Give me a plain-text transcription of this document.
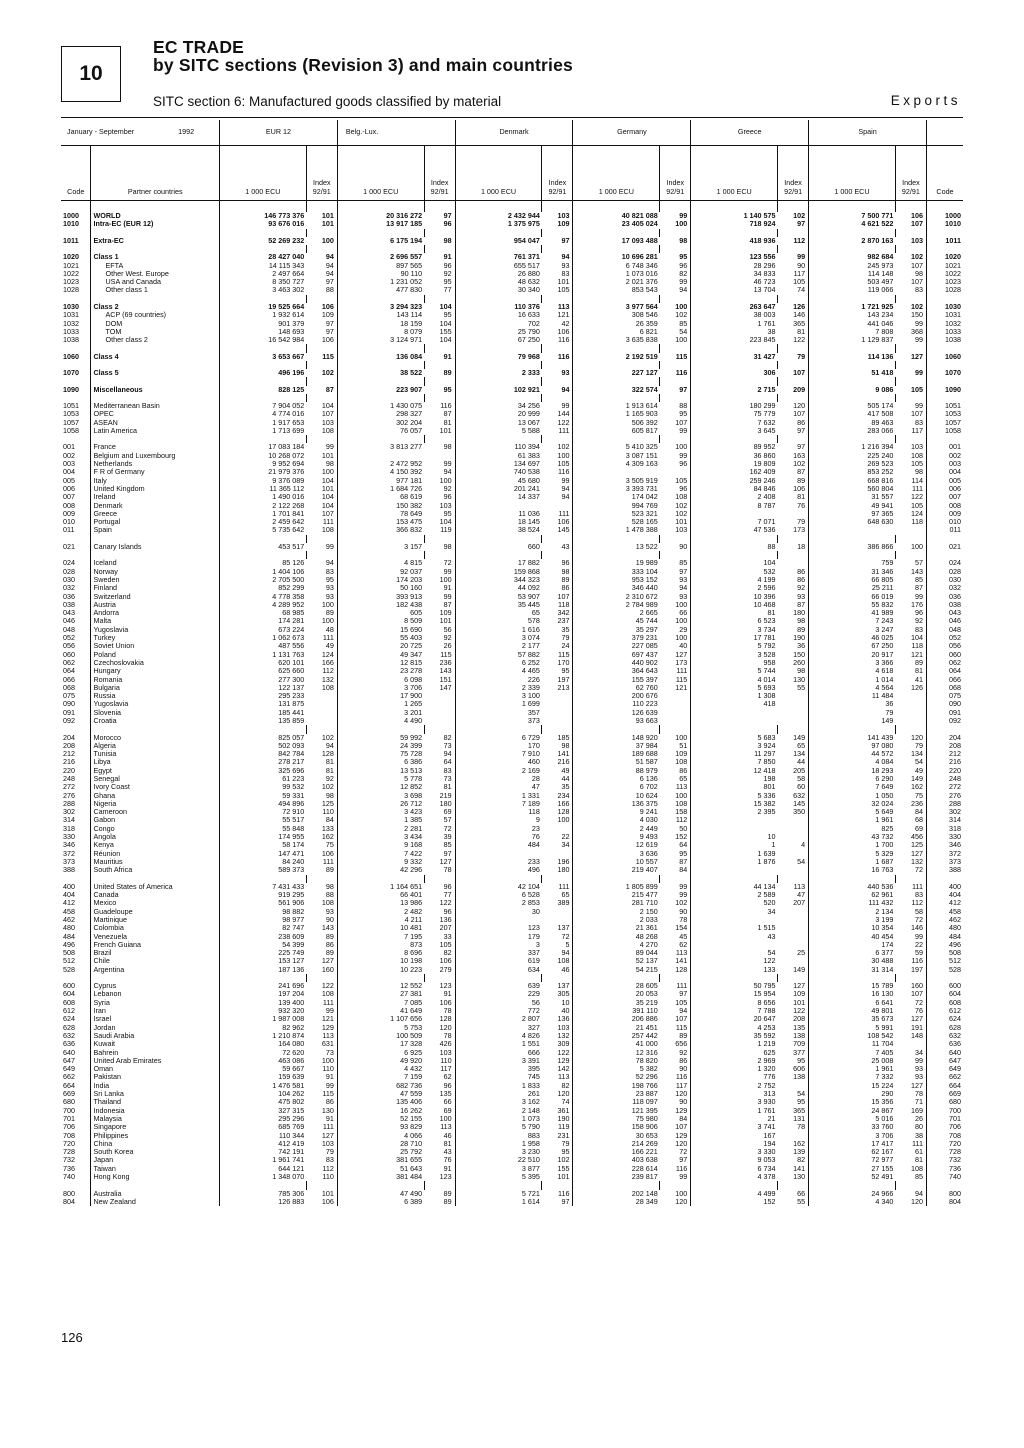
10
EC TRADE
by SITC sections (Revision 3) and main countries
SITC section 6: Manufactured goods classified by material	Exports
January - September 1992		EUR 12		Belg.-Lux.		Denmark		Germany		Greece		Spain		
Code	Partner countries	1 000 ECU	Index
92/91	1 000 ECU	Index
92/91	1 000 ECU	Index
92/91	1 000 ECU	Index
92/91	1 000 ECU	Index
92/91	1 000 ECU	Index
92/91	Code

1000	WORLD	146 773 376	101	20 316 272	97	2 432 944	103	40 821 088	99	1 140 575	102	7 500 771	106	1000
1010	Intra-EC (EUR 12)	93 676 016	101	13 917 185	96	1 375 975	109	23 405 024	100	718 924	97	4 621 522	107	1010

1011	Extra-EC	52 269 232	100	6 175 194	98	954 047	97	17 093 488	98	418 936	112	2 870 163	103	1011

1020	Class 1	28 427 040	94	2 696 557	91	761 371	94	10 696 281	95	123 556	99	982 684	102	1020
1021	EFTA	14 115 343	94	897 565	96	655 517	93	6 748 346	96	28 296	90	245 973	107	1021
1022	Other West. Europe	2 497 664	94	90 110	92	26 880	83	1 073 016	82	34 833	117	114 148	98	1022
1023	USA and Canada	8 350 727	97	1 231 052	95	48 632	101	2 021 376	99	46 723	105	503 497	107	1023
1028	Other class 1	3 463 302	88	477 830	77	30 340	105	853 543	94	13 704	74	119 066	83	1028

1030	Class 2	19 525 664	106	3 294 323	104	110 376	113	3 977 564	100	263 647	126	1 721 925	102	1030
1031	ACP (69 countries)	1 932 614	109	143 114	95	16 633	121	308 546	102	38 003	146	143 234	150	1031
1032	DOM	901 379	97	18 159	104	702	42	26 359	85	1 761	365	441 046	99	1032
1033	TOM	148 693	97	8 079	155	25 790	106	6 821	54	38	81	7 808	368	1033
1038	Other class 2	16 542 984	106	3 124 971	104	67 250	116	3 635 838	100	223 845	122	1 129 837	99	1038

1060	Class 4	3 653 667	115	136 084	91	79 968	116	2 192 519	115	31 427	79	114 136	127	1060

1070	Class 5	496 196	102	38 522	89	2 333	93	227 127	116	306	107	51 418	99	1070

1090	Miscellaneous	828 125	87	223 907	95	102 921	94	322 574	97	2 715	209	9 086	105	1090

1051	Mediterranean Basin	7 904 052	104	1 430 075	116	34 256	99	1 913 614	88	180 299	120	505 174	99	1051
1053	OPEC	4 774 016	107	298 327	87	20 999	144	1 165 903	95	75 779	107	417 508	107	1053
1057	ASEAN	1 917 653	103	302 204	81	13 067	122	506 392	107	7 632	86	89 463	83	1057
1058	Latin America	1 713 699	108	76 057	101	5 588	111	605 817	99	3 645	97	283 066	117	1058

001	France	17 083 184	99	3 813 277	98	110 394	102	5 410 325	100	89 952	97	1 216 394	103	001
002	Belgium and Luxembourg	10 268 072	101			61 383	100	3 087 151	99	36 860	163	225 240	108	002
003	Netherlands	9 952 694	98	2 472 952	99	134 697	105	4 309 163	96	19 809	102	269 523	105	003
004	F R of Germany	21 979 376	100	4 150 392	94	740 538	116			162 409	87	853 252	98	004
005	Italy	9 376 089	104	977 181	100	45 680	99	3 505 919	105	259 246	89	668 816	114	005
006	United Kingdom	11 365 112	101	1 684 726	92	201 241	94	3 393 731	96	84 846	106	560 804	111	006
007	Ireland	1 490 016	104	68 619	96	14 337	94	174 042	108	2 408	81	31 557	122	007
008	Denmark	2 122 268	104	150 382	103			994 769	102	8 787	76	49 941	105	008
009	Greece	1 701 841	107	78 649	95	11 036	111	523 321	102			97 365	124	009
010	Portugal	2 459 642	111	153 475	104	18 145	106	528 165	101	7 071	79	648 630	118	010
011	Spain	5 735 642	108	366 832	119	38 524	145	1 478 388	103	47 536	173			011

021	Canary Islands	453 517	99	3 157	98	660	43	13 522	90	88	18	386 866	100	021

024	Iceland	85 126	94	4 815	72	17 882	96	19 989	85	104		759	57	024
028	Norway	1 404 106	83	92 037	99	159 868	98	333 104	97	532	86	31 346	143	028
030	Sweden	2 705 500	95	174 203	100	344 323	89	953 152	93	4 199	86	66 805	85	030
032	Finland	852 299	93	50 160	91	44 092	86	346 440	94	2 596	92	25 211	87	032
036	Switzerland	4 778 358	93	393 913	99	53 907	107	2 310 672	93	10 396	93	66 019	99	036
038	Austria	4 289 952	100	182 438	87	35 445	118	2 784 989	100	10 468	87	55 832	176	038
043	Andorra	68 985	89	605	109	65	342	2 665	66	81	180	41 989	96	043
046	Malta	174 281	100	8 509	101	578	237	45 744	100	6 523	98	7 243	92	046
048	Yugoslavia	673 224	48	15 690	56	1 616	35	35 297	29	3 734	89	3 247	83	048
052	Turkey	1 062 673	111	55 403	92	3 074	79	379 231	100	17 781	190	46 025	104	052
056	Soviet Union	487 556	49	20 725	26	2 177	24	227 085	40	5 792	36	67 250	118	056
060	Poland	1 131 763	124	49 347	115	57 882	115	697 437	127	3 528	150	20 917	121	060
062	Czechoslovakia	620 101	166	12 815	236	6 252	170	440 902	173	958	260	3 366	89	062
064	Hungary	625 660	112	23 278	143	4 465	95	364 643	111	5 744	98	4 618	81	064
066	Romania	277 300	132	6 098	151	226	197	155 397	115	4 014	130	1 014	41	066
068	Bulgaria	122 137	108	3 706	147	2 339	213	62 760	121	5 693	55	4 564	126	068
075	Russia	295 233		17 900		3 100		200 676		1 308		11 484		075
090	Yugoslavia	131 875		1 265		1 699		110 223		418		36		090
091	Slovenia	185 441		3 201		357		126 639				79		091
092	Croatia	135 859		4 490		373		93 663				149		092

204	Morocco	825 057	102	59 992	82	6 729	185	148 920	100	5 683	149	141 439	120	204
208	Algeria	502 093	94	24 399	73	170	98	37 984	51	3 924	65	97 080	79	208
212	Tunisia	842 784	128	75 728	94	7 910	141	189 688	109	11 297	134	44 572	134	212
216	Libya	278 217	81	6 386	64	460	216	51 587	108	7 850	44	4 084	54	216
220	Egypt	325 696	81	13 513	83	2 169	49	88 979	86	12 418	205	18 293	49	220
248	Senegal	61 223	92	5 778	73	28	44	6 136	65	198	58	6 290	149	248
272	Ivory Coast	99 532	102	12 852	81	47	35	6 702	113	801	60	7 649	162	272
276	Ghana	59 331	98	3 698	219	1 331	234	10 624	100	5 336	632	1 050	75	276
288	Nigeria	494 896	125	26 712	180	7 189	166	136 375	108	15 382	145	32 024	236	288
302	Cameroon	72 910	110	3 423	69	118	128	9 241	158	2 395	350	5 649	84	302
314	Gabon	55 517	84	1 385	57	9	100	4 030	112			1 961	68	314
318	Congo	55 848	133	2 281	72	23		2 449	50			825	69	318
330	Angola	174 955	162	3 434	39	76	22	9 493	152	10		43 732	456	330
346	Kenya	58 174	75	9 168	85	484	34	12 619	64	1	4	1 700	125	346
372	Réunion	147 471	106	7 422	97			3 636	95	1 639		5 329	127	372
373	Mauritius	84 240	111	9 332	127	233	196	10 557	87	1 876	54	1 687	132	373
388	South Africa	589 373	89	42 296	78	496	180	219 407	84			16 763	72	388

400	United States of America	7 431 433	98	1 164 651	96	42 104	111	1 805 899	99	44 134	113	440 536	111	400
404	Canada	919 295	88	66 401	77	6 528	65	215 477	99	2 589	47	62 961	83	404
412	Mexico	561 906	108	13 986	122	2 853	389	281 710	102	520	207	111 432	112	412
458	Guadeloupe	98 882	93	2 482	96	30		2 150	90	34		2 134	58	458
462	Martinique	98 977	90	4 211	136			2 033	78			3 199	72	462
480	Colombia	82 747	143	10 481	207	123	137	21 361	154	1 515		10 354	146	480
484	Venezuela	238 609	89	7 195	33	179	72	48 268	45	43		40 454	99	484
496	French Guiana	54 399	86	873	105	3	5	4 270	62			174	22	496
508	Brazil	225 749	89	8 696	82	337	94	89 044	113	54	25	6 377	59	508
512	Chile	153 127	127	10 198	106	619	108	52 137	141	122		30 488	116	512
528	Argentina	187 136	160	10 223	279	634	46	54 215	128	133	149	31 314	197	528

600	Cyprus	241 696	122	12 552	123	639	137	28 605	111	50 795	127	15 789	160	600
604	Lebanon	197 204	108	27 381	91	229	305	20 053	97	15 954	109	16 130	107	604
608	Syria	139 400	111	7 085	106	56	10	35 219	105	8 656	101	6 641	72	608
612	Iran	932 320	99	41 649	78	772	40	391 110	94	7 788	122	49 801	76	612
624	Israel	1 987 008	121	1 107 656	128	2 807	136	206 886	107	20 647	208	35 673	127	624
628	Jordan	82 962	129	5 753	120	327	103	21 451	115	4 253	135	5 991	191	628
632	Saudi Arabia	1 210 874	113	100 509	78	4 826	132	257 442	89	35 592	138	108 542	148	632
636	Kuwait	164 080	631	17 328	426	1 551	309	41 000	656	1 219	709	11 704		636
640	Bahrein	72 620	73	6 925	103	666	122	12 316	92	625	377	7 405	34	640
647	United Arab Emirates	463 086	100	49 920	110	3 391	129	78 820	86	2 969	95	25 008	99	647
649	Oman	59 667	110	4 432	117	395	142	5 382	90	1 320	606	1 961	93	649
662	Pakistan	159 639	91	7 159	62	745	113	52 296	116	776	138	7 332	93	662
664	India	1 476 581	99	682 736	96	1 833	82	198 766	117	2 752		15 224	127	664
669	Sri Lanka	104 262	115	47 559	135	261	120	23 887	120	313	54	290	78	669
680	Thailand	475 802	86	135 406	66	3 162	74	118 097	90	3 930	95	15 356	71	680
700	Indonesia	327 315	130	16 262	69	2 148	361	121 395	129	1 761	365	24 867	169	700
701	Malaysia	295 296	91	52 155	100	1 073	190	75 980	84	21	131	5 016	26	701
706	Singapore	685 769	111	93 829	113	5 790	119	158 906	107	3 741	78	33 760	80	706
708	Philippines	110 344	127	4 066	46	883	231	30 653	129	167		3 706	38	708
720	China	412 419	103	28 710	81	1 958	79	214 269	120	194	162	17 417	111	720
728	South Korea	742 191	79	25 792	43	3 230	95	166 221	72	3 330	139	62 167	61	728
732	Japan	1 961 741	83	381 655	76	22 510	102	403 638	97	9 053	82	72 977	81	732
736	Taiwan	644 121	112	51 643	91	3 877	155	228 614	116	6 734	141	27 155	108	736
740	Hong Kong	1 348 070	110	381 484	123	5 395	101	239 817	99	4 378	130	52 491	85	740

800	Australia	785 306	101	47 490	89	5 721	116	202 148	100	4 499	66	24 966	94	800
804	New Zealand	126 883	106	6 389	89	1 614	97	28 349	120	152	55	4 340	120	804
126
